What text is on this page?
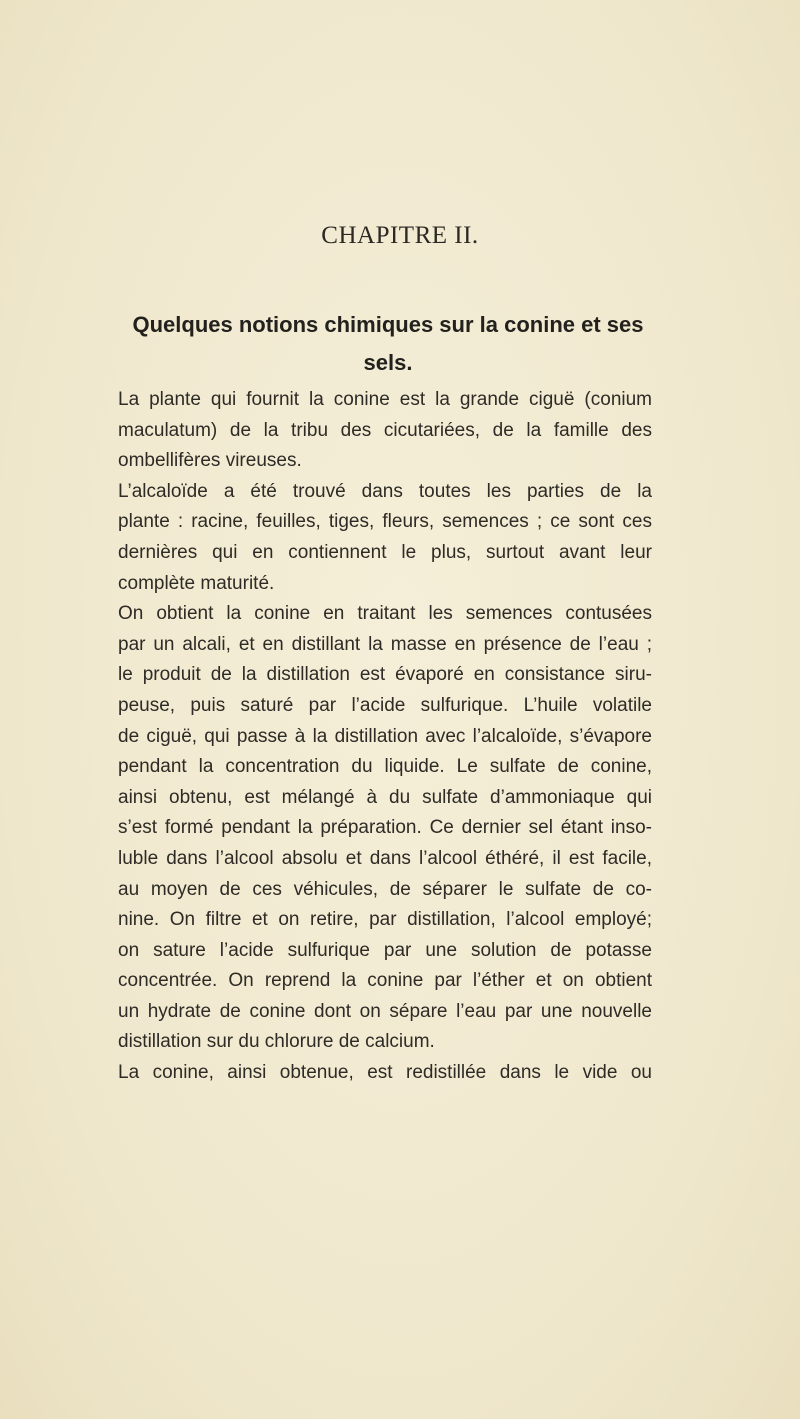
CHAPITRE II.
Quelques notions chimiques sur la conine et ses sels.
La plante qui fournit la conine est la grande ciguë (conium
maculatum) de la tribu des cicutariées, de la famille des
ombellifères vireuses.
L’alcaloïde a été trouvé dans toutes les parties de la
plante : racine, feuilles, tiges, fleurs, semences ; ce sont ces
dernières qui en contiennent le plus, surtout avant leur
complète maturité.
On obtient la conine en traitant les semences contusées
par un alcali, et en distillant la masse en présence de l’eau ;
le produit de la distillation est évaporé en consistance siru-
peuse, puis saturé par l’acide sulfurique. L’huile volatile
de ciguë, qui passe à la distillation avec l’alcaloïde, s’évapore
pendant la concentration du liquide. Le sulfate de conine,
ainsi obtenu, est mélangé à du sulfate d’ammoniaque qui
s’est formé pendant la préparation. Ce dernier sel étant inso-
luble dans l’alcool absolu et dans l’alcool éthéré, il est facile,
au moyen de ces véhicules, de séparer le sulfate de co-
nine. On filtre et on retire, par distillation, l’alcool employé;
on sature l’acide sulfurique par une solution de potasse
concentrée. On reprend la conine par l’éther et on obtient
un hydrate de conine dont on sépare l’eau par une nouvelle
distillation sur du chlorure de calcium.
La conine, ainsi obtenue, est redistillée dans le vide ou
